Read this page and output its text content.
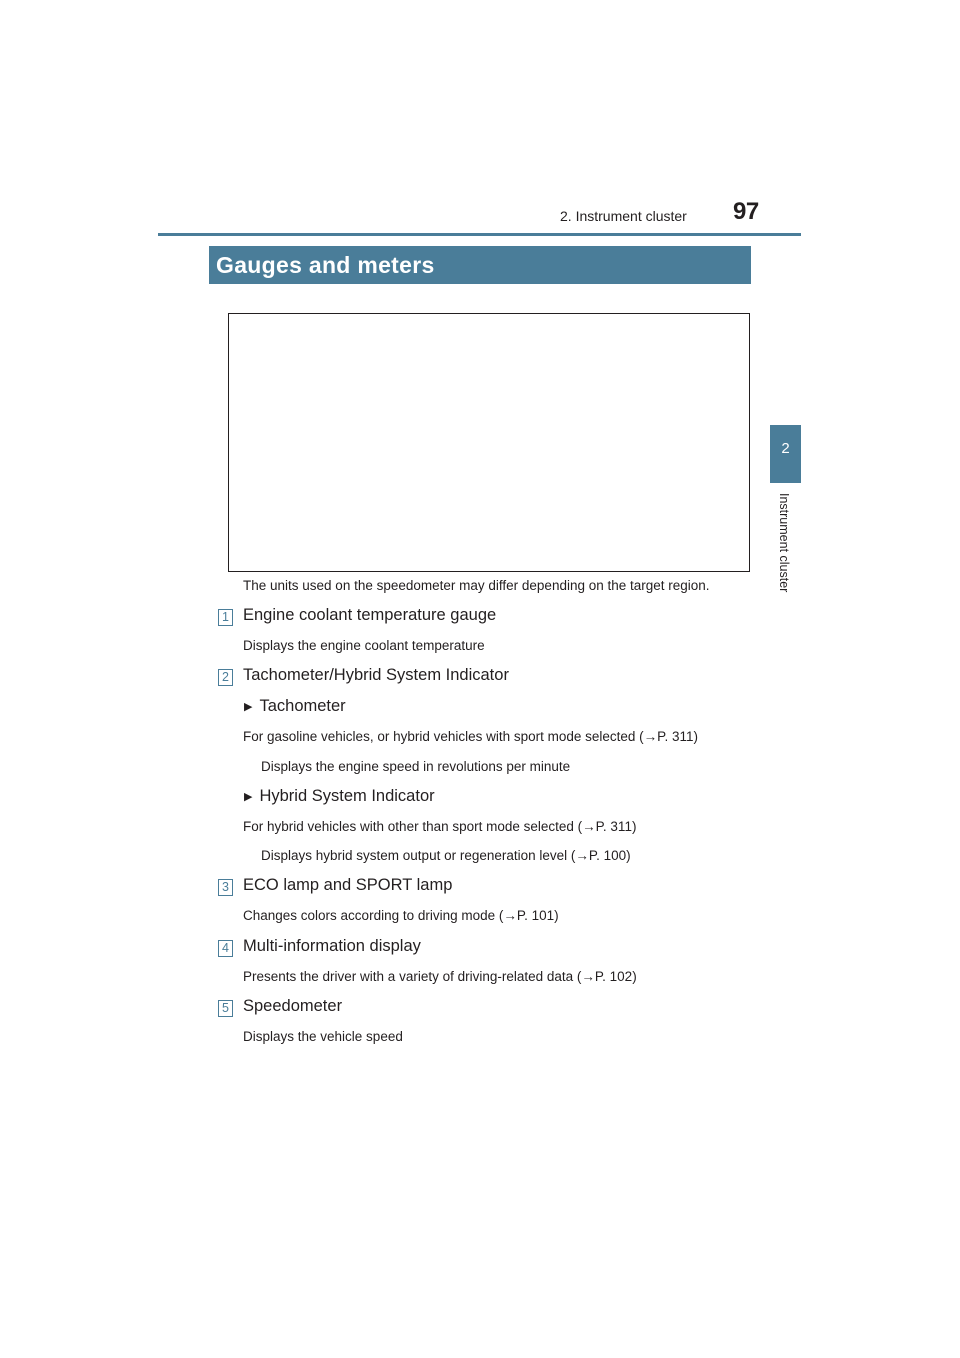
2. Instrument cluster 97
2
Instrument cluster
Gauges and meters
The units used on the speedometer may differ depending on the target region.
1 Engine coolant temperature gauge
Displays the engine coolant temperature
2 Tachometer/Hybrid System Indicator
▶ Tachometer
For gasoline vehicles, or hybrid vehicles with sport mode selected (→P. 311)
Displays the engine speed in revolutions per minute
▶ Hybrid System Indicator
For hybrid vehicles with other than sport mode selected (→P. 311)
Displays hybrid system output or regeneration level (→P. 100)
3 ECO lamp and SPORT lamp
Changes colors according to driving mode (→P. 101)
4 Multi-information display
Presents the driver with a variety of driving-related data (→P. 102)
5 Speedometer
Displays the vehicle speed
